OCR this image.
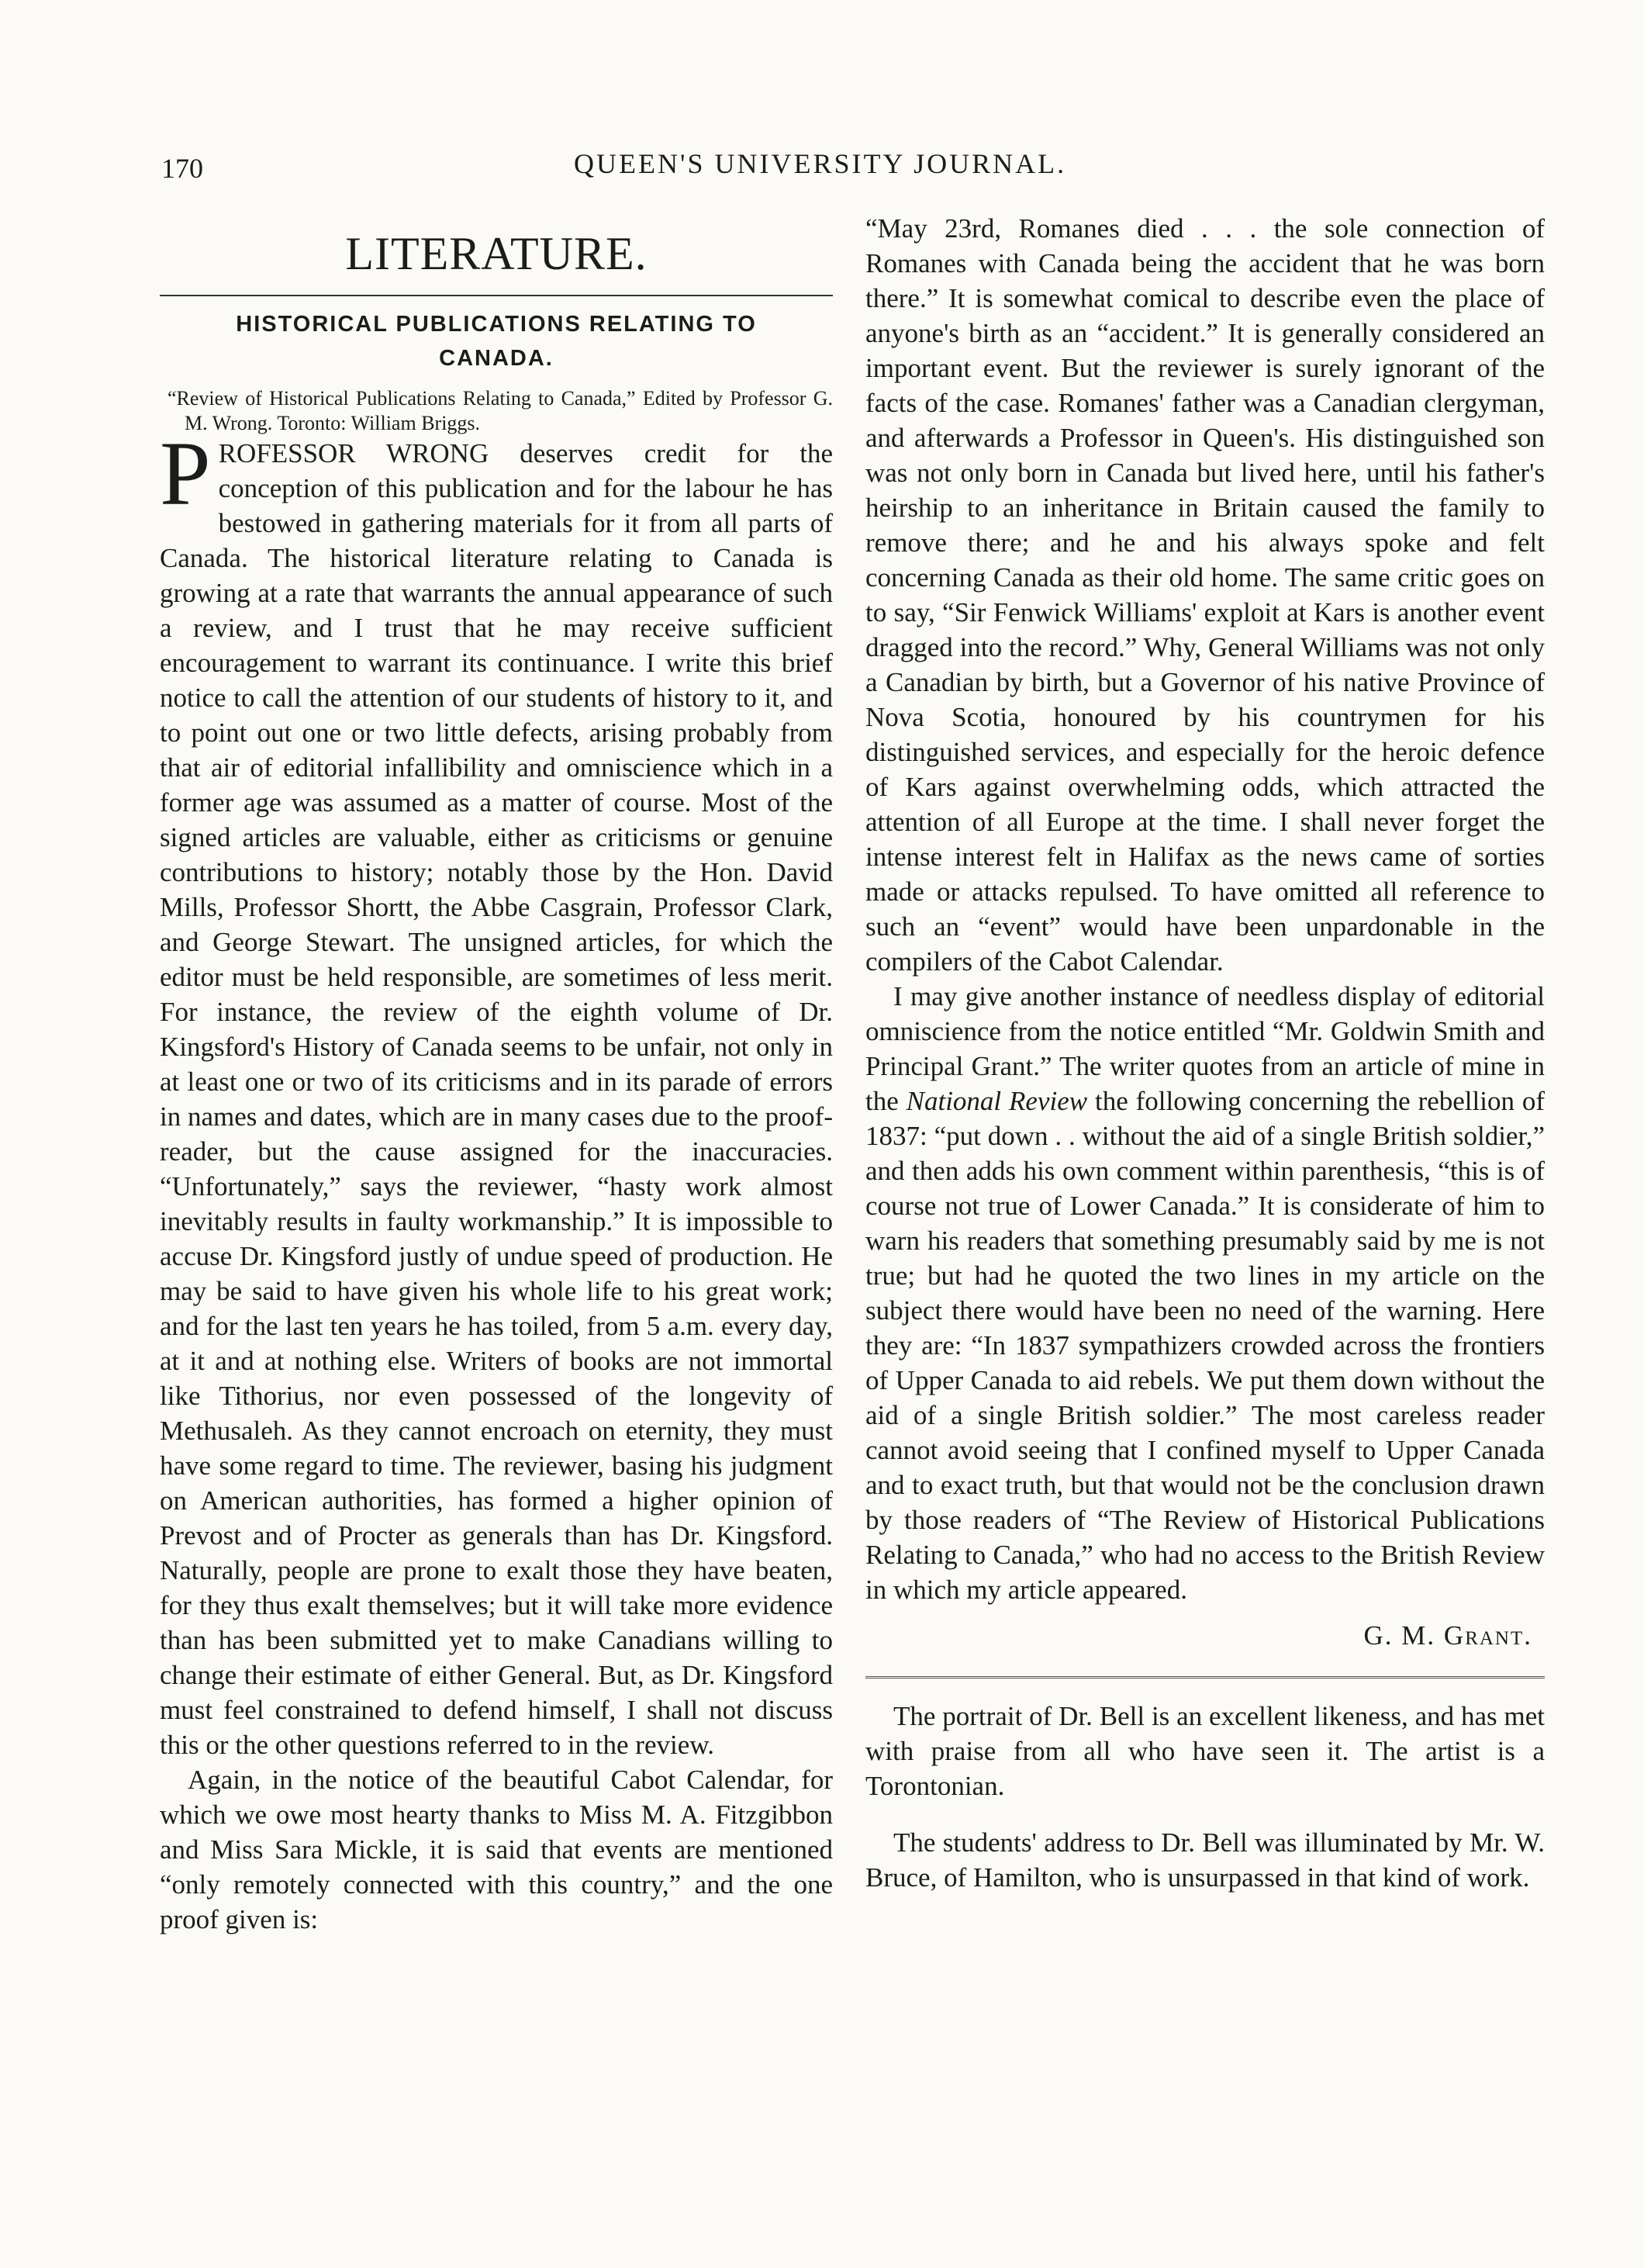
170	QUEEN'S UNIVERSITY JOURNAL.
LITERATURE.
HISTORICAL PUBLICATIONS RELATING TO CANADA.

“Review of Historical Publications Relating to Canada,” Edited by Professor G. M. Wrong. Toronto: William Briggs.

PROFESSOR WRONG deserves credit for the conception of this publication and for the labour he has bestowed in gathering materials for it from all parts of Canada. The historical literature relating to Canada is growing at a rate that warrants the annual appearance of such a review, and I trust that he may receive sufficient encouragement to warrant its continuance. I write this brief notice to call the attention of our students of history to it, and to point out one or two little defects, arising probably from that air of editorial infallibility and omniscience which in a former age was assumed as a matter of course. Most of the signed articles are valuable, either as criticisms or genuine contributions to history; notably those by the Hon. David Mills, Professor Shortt, the Abbe Casgrain, Professor Clark, and George Stewart. The unsigned articles, for which the editor must be held responsible, are sometimes of less merit. For instance, the review of the eighth volume of Dr. Kingsford's History of Canada seems to be unfair, not only in at least one or two of its criticisms and in its parade of errors in names and dates, which are in many cases due to the proof-reader, but the cause assigned for the inaccuracies. “Unfortunately,” says the reviewer, “hasty work almost inevitably results in faulty workmanship.” It is impossible to accuse Dr. Kingsford justly of undue speed of production. He may be said to have given his whole life to his great work; and for the last ten years he has toiled, from 5 a.m. every day, at it and at nothing else. Writers of books are not immortal like Tithorius, nor even possessed of the longevity of Methusaleh. As they cannot encroach on eternity, they must have some regard to time. The reviewer, basing his judgment on American authorities, has formed a higher opinion of Prevost and of Procter as generals than has Dr. Kingsford. Naturally, people are prone to exalt those they have beaten, for they thus exalt themselves; but it will take more evidence than has been submitted yet to make Canadians willing to change their estimate of either General. But, as Dr. Kingsford must feel constrained to defend himself, I shall not discuss this or the other questions referred to in the review.

Again, in the notice of the beautiful Cabot Calendar, for which we owe most hearty thanks to Miss M. A. Fitzgibbon and Miss Sara Mickle, it is said that events are mentioned “only remotely connected with this country,” and the one proof given is:

“May 23rd, Romanes died . . . the sole connection of Romanes with Canada being the accident that he was born there.” It is somewhat comical to describe even the place of anyone's birth as an “accident.” It is generally considered an important event. But the reviewer is surely ignorant of the facts of the case. Romanes' father was a Canadian clergyman, and afterwards a Professor in Queen's. His distinguished son was not only born in Canada but lived here, until his father's heirship to an inheritance in Britain caused the family to remove there; and he and his always spoke and felt concerning Canada as their old home. The same critic goes on to say, “Sir Fenwick Williams' exploit at Kars is another event dragged into the record.” Why, General Williams was not only a Canadian by birth, but a Governor of his native Province of Nova Scotia, honoured by his countrymen for his distinguished services, and especially for the heroic defence of Kars against overwhelming odds, which attracted the attention of all Europe at the time. I shall never forget the intense interest felt in Halifax as the news came of sorties made or attacks repulsed. To have omitted all reference to such an “event” would have been unpardonable in the compilers of the Cabot Calendar.

I may give another instance of needless display of editorial omniscience from the notice entitled “Mr. Goldwin Smith and Principal Grant.” The writer quotes from an article of mine in the National Review the following concerning the rebellion of 1837: “put down . . without the aid of a single British soldier,” and then adds his own comment within parenthesis, “this is of course not true of Lower Canada.” It is considerate of him to warn his readers that something presumably said by me is not true; but had he quoted the two lines in my article on the subject there would have been no need of the warning. Here they are: “In 1837 sympathizers crowded across the frontiers of Upper Canada to aid rebels. We put them down without the aid of a single British soldier.” The most careless reader cannot avoid seeing that I confined myself to Upper Canada and to exact truth, but that would not be the conclusion drawn by those readers of “The Review of Historical Publications Relating to Canada,” who had no access to the British Review in which my article appeared.

G. M. Grant.

The portrait of Dr. Bell is an excellent likeness, and has met with praise from all who have seen it. The artist is a Torontonian.

The students' address to Dr. Bell was illuminated by Mr. W. Bruce, of Hamilton, who is unsurpassed in that kind of work.
